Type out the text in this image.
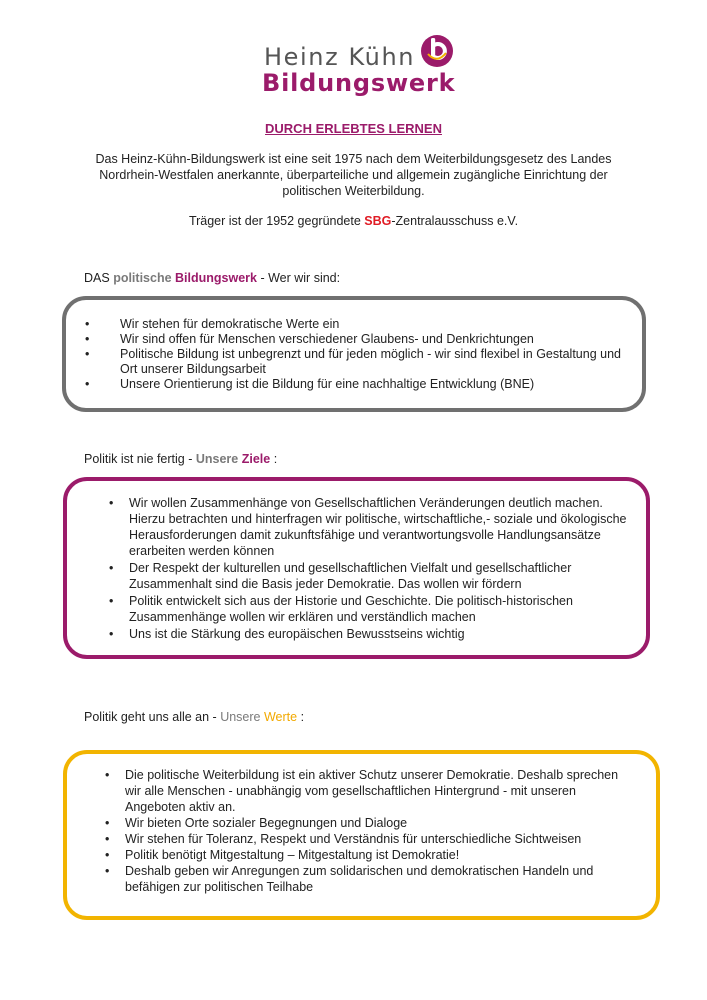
Heinz Kühn
Bildungswerk
DURCH ERLEBTES LERNEN
Das Heinz-Kühn-Bildungswerk ist eine seit 1975 nach dem Weiterbildungsgesetz des Landes Nordrhein-Westfalen anerkannte, überparteiliche und allgemein zugängliche Einrichtung der politischen Weiterbildung.
Träger ist der 1952 gegründete SBG-Zentralausschuss e.V.
DAS politische Bildungswerk - Wer wir sind:
• Wir stehen für demokratische Werte ein
• Wir sind offen für Menschen verschiedener Glaubens- und Denkrichtungen
• Politische Bildung ist unbegrenzt und für jeden möglich - wir sind flexibel in Gestaltung und Ort unserer Bildungsarbeit
• Unsere Orientierung ist die Bildung für eine nachhaltige Entwicklung (BNE)
Politik ist nie fertig - Unsere Ziele :
• Wir wollen Zusammenhänge von Gesellschaftlichen Veränderungen deutlich machen. Hierzu betrachten und hinterfragen wir politische, wirtschaftliche,- soziale und ökologische Herausforderungen damit zukunftsfähige und verantwortungsvolle Handlungsansätze erarbeiten werden können
• Der Respekt der kulturellen und gesellschaftlichen Vielfalt und gesellschaftlicher Zusammenhalt sind die Basis jeder Demokratie. Das wollen wir fördern
• Politik entwickelt sich aus der Historie und Geschichte. Die politisch-historischen Zusammenhänge wollen wir erklären und verständlich machen
• Uns ist die Stärkung des europäischen Bewusstseins wichtig
Politik geht uns alle an - Unsere Werte :
• Die politische Weiterbildung ist ein aktiver Schutz unserer Demokratie. Deshalb sprechen wir alle Menschen - unabhängig vom gesellschaftlichen Hintergrund - mit unseren Angeboten aktiv an.
• Wir bieten Orte sozialer Begegnungen und Dialoge
• Wir stehen für Toleranz, Respekt und Verständnis für unterschiedliche Sichtweisen
• Politik benötigt Mitgestaltung – Mitgestaltung ist Demokratie!
• Deshalb geben wir Anregungen zum solidarischen und demokratischen Handeln und befähigen zur politischen Teilhabe
